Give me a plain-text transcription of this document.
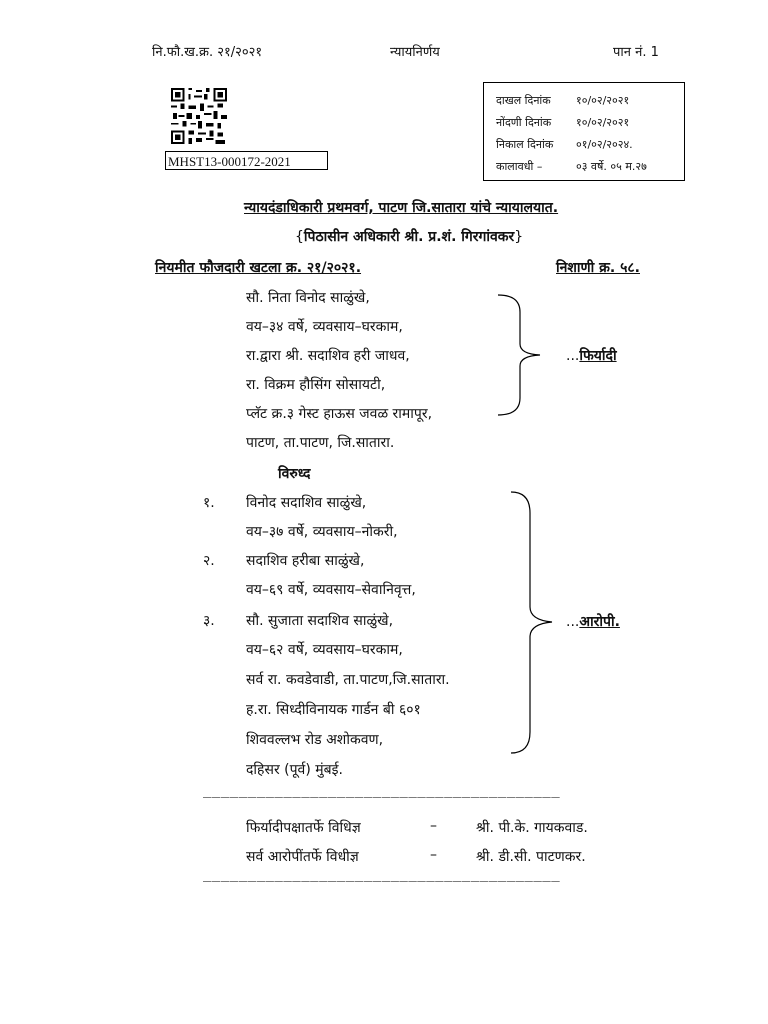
नि.फौ.ख.क्र. २१/२०२१	न्यायनिर्णय	पान नं. 1
MHST13-000172-2021
दाखल दिनांक १०/०२/२०२१
नोंदणी दिनांक १०/०२/२०२१
निकाल दिनांक ०१/०२/२०२४.
कालावधी –	०३ वर्षे. ०५ म.२७
न्यायदंडाधिकारी प्रथमवर्ग, पाटण जि.सातारा यांचे न्यायालयात.
{पिठासीन अधिकारी श्री. प्र.शं. गिरगांवकर}
नियमीत फौजदारी खटला क्र. २१/२०२१.	निशाणी क्र. ५८.
सौ. निता विनोद साळुंखे,
वय–३४ वर्षे, व्यवसाय–घरकाम,
रा.द्वारा श्री. सदाशिव हरी जाधव,
रा. विक्रम हौसिंग सोसायटी,
प्लॅट क्र.३ गेस्ट हाऊस जवळ रामापूर,
पाटण, ता.पाटण, जि.सातारा.
...फिर्यादी
विरुध्द
१. विनोद सदाशिव साळुंखे,
वय–३७ वर्षे, व्यवसाय–नोकरी,
२. सदाशिव हरीबा साळुंखे,
वय–६९ वर्षे, व्यवसाय–सेवानिवृत्त,
३. सौ. सुजाता सदाशिव साळुंखे,
वय–६२ वर्षे, व्यवसाय–घरकाम,
सर्व रा. कवडेवाडी, ता.पाटण,जि.सातारा.
ह.रा. सिध्दीविनायक गार्डन बी ६०१
शिववल्लभ रोड अशोकवण,
दहिसर (पूर्व) मुंबई.
...आरोपी.
________________________________________
फिर्यादीपक्षातर्फे विधिज्ञ	–	श्री. पी.के. गायकवाड.
सर्व आरोपींतर्फे विधीज्ञ	–	श्री. डी.सी. पाटणकर.
________________________________________
